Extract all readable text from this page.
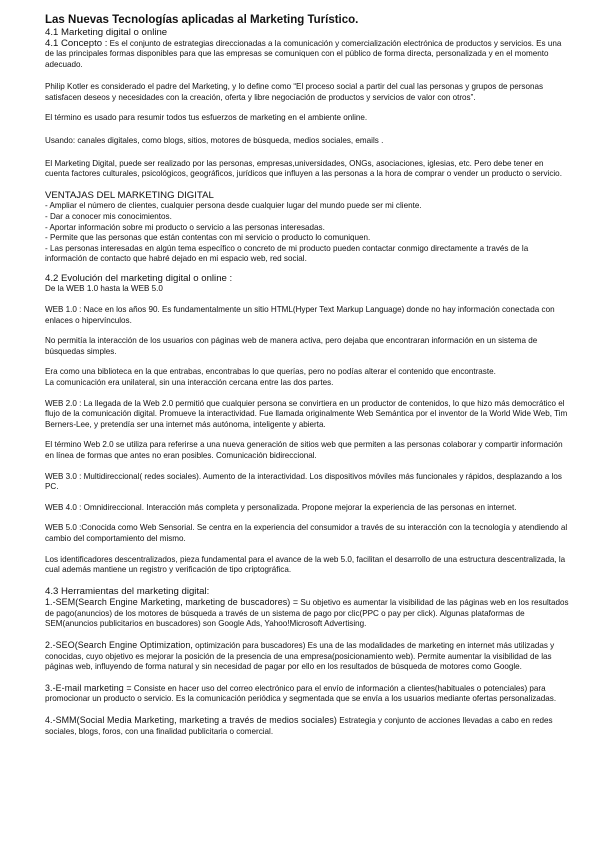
Las Nuevas Tecnologías aplicadas al Marketing Turístico.

4.1 Marketing digital o online

4.1 Concepto : Es el conjunto de estrategias direccionadas a la comunicación y comercialización electrónica de productos y servicios. Es una de las principales formas disponibles para que las empresas se comuniquen con el público de forma directa, personalizada y en el momento adecuado.

Philip Kotler es considerado el padre del Marketing, y lo define como “El proceso social a partir del cual las personas y grupos de personas satisfacen deseos y necesidades con la creación, oferta y libre negociación de productos y servicios de valor con otros”.

El término es usado para resumir todos tus esfuerzos de marketing en el ambiente online.

Usando: canales digitales, como blogs, sitios, motores de búsqueda, medios sociales, emails .

El Marketing Digital, puede ser realizado por las personas, empresas,universidades, ONGs, asociaciones, iglesias, etc. Pero debe tener en cuenta factores culturales, psicológicos, geográficos, jurídicos que influyen a las personas a la hora de comprar o vender un producto o servicio.

VENTAJAS DEL MARKETING DIGITAL

- Ampliar el número de clientes, cualquier persona desde cualquier lugar del mundo puede ser mi cliente.
- Dar a conocer mis conocimientos.
- Aportar información sobre mi producto o servicio a las personas interesadas.
- Permite que las personas que están contentas con mi servicio o producto lo comuniquen.
- Las personas interesadas en algún tema específico o concreto de mi producto pueden contactar conmigo directamente a través de la información de contacto que habré dejado en mi espacio web, red social.

4.2 Evolución del marketing digital o online :

De la WEB 1.0 hasta la WEB 5.0

WEB 1.0 : Nace en los años 90. Es fundamentalmente un sitio HTML(Hyper Text Markup Language) donde no hay información conectada con enlaces o hipervínculos.

No permitía la interacción de los usuarios con páginas web de manera activa, pero dejaba que encontraran información en un sistema de búsquedas simples.

Era como una biblioteca en la que entrabas, encontrabas lo que querías, pero no podías alterar el contenido que encontraste.
La comunicación era unilateral, sin una interacción cercana entre las dos partes.

WEB 2.0 : La llegada de la Web 2.0 permitió que cualquier persona se convirtiera en un productor de contenidos, lo que hizo más democrático el flujo de la comunicación digital. Promueve la interactividad. Fue llamada originalmente Web Semántica por el inventor de la World Wide Web, Tim Berners-Lee, y pretendía ser una internet más autónoma, inteligente y abierta.

El término Web 2.0 se utiliza para referirse a una nueva generación de sitios web que permiten a las personas colaborar y compartir información en línea de formas que antes no eran posibles. Comunicación bidireccional.

WEB 3.0 : Multidireccional( redes sociales). Aumento de la interactividad. Los dispositivos móviles más funcionales y rápidos, desplazando a los PC.

WEB 4.0 : Omnidireccional. Interacción más completa y personalizada. Propone mejorar la experiencia de las personas en internet.

WEB 5.0 :Conocida como Web Sensorial. Se centra en la experiencia del consumidor a través de su interacción con la tecnología y atendiendo al cambio del comportamiento del mismo.

Los identificadores descentralizados, pieza fundamental para el avance de la web 5.0, facilitan el desarrollo de una estructura descentralizada, la cual además mantiene un registro y verificación de tipo criptográfica.

4.3 Herramientas del marketing digital:

1.-SEM(Search Engine Marketing, marketing de buscadores) = Su objetivo es aumentar la visibilidad de las páginas web en los resultados de pago(anuncios) de los motores de búsqueda a través de un sistema de pago por clic(PPC o pay per click). Algunas plataformas de SEM(anuncios publicitarios en buscadores) son Google Ads, Yahoo!Microsoft Advertising.

2.-SEO(Search Engine Optimization, optimización para buscadores) Es una de las modalidades de marketing en internet más utilizadas y conocidas, cuyo objetivo es mejorar la posición de la presencia de una empresa(posicionamiento web). Permite aumentar la visibilidad de las páginas web, influyendo de forma natural y sin necesidad de pagar por ello en los resultados de búsqueda de motores como Google.

3.-E-mail marketing = Consiste en hacer uso del correo electrónico para el envío de información a clientes(habituales o potenciales) para promocionar un producto o servicio. Es la comunicación periódica y segmentada que se envía a los usuarios mediante ofertas personalizadas.

4.-SMM(Social Media Marketing, marketing a través de medios sociales) Estrategia y conjunto de acciones llevadas a cabo en redes sociales, blogs, foros, con una finalidad publicitaria o comercial.
